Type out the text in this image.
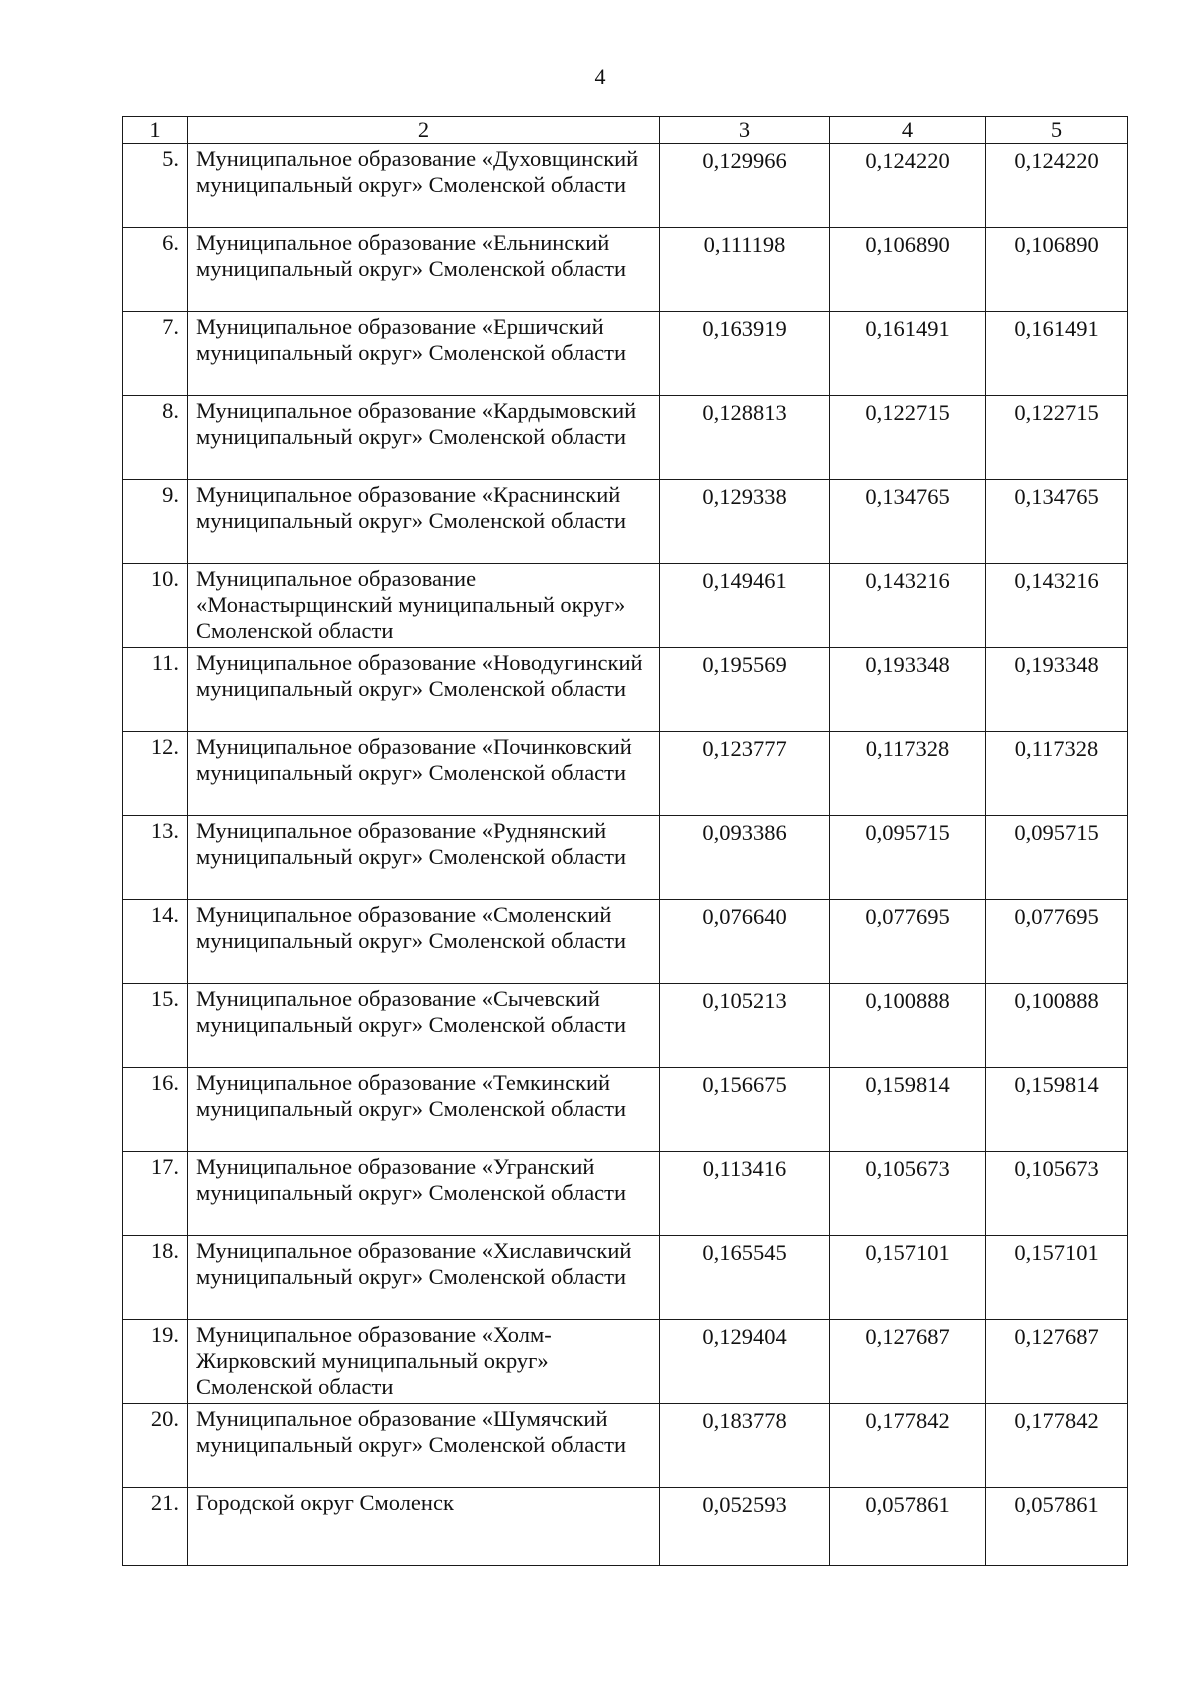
4
1	2	3	4	5
5.	Муниципальное образование «Духовщинский муниципальный округ» Смоленской области	0,129966	0,124220	0,124220
6.	Муниципальное образование «Ельнинский муниципальный округ» Смоленской области	0,111198	0,106890	0,106890
7.	Муниципальное образование «Ершичский муниципальный округ» Смоленской области	0,163919	0,161491	0,161491
8.	Муниципальное образование «Кардымовский муниципальный округ» Смоленской области	0,128813	0,122715	0,122715
9.	Муниципальное образование «Краснинский муниципальный округ» Смоленской области	0,129338	0,134765	0,134765
10.	Муниципальное образование «Монастырщинский муниципальный округ» Смоленской области	0,149461	0,143216	0,143216
11.	Муниципальное образование «Новодугинский муниципальный округ» Смоленской области	0,195569	0,193348	0,193348
12.	Муниципальное образование «Починковский муниципальный округ» Смоленской области	0,123777	0,117328	0,117328
13.	Муниципальное образование «Руднянский муниципальный округ» Смоленской области	0,093386	0,095715	0,095715
14.	Муниципальное образование «Смоленский муниципальный округ» Смоленской области	0,076640	0,077695	0,077695
15.	Муниципальное образование «Сычевский муниципальный округ» Смоленской области	0,105213	0,100888	0,100888
16.	Муниципальное образование «Темкинский муниципальный округ» Смоленской области	0,156675	0,159814	0,159814
17.	Муниципальное образование «Угранский муниципальный округ» Смоленской области	0,113416	0,105673	0,105673
18.	Муниципальное образование «Хиславичский муниципальный округ» Смоленской области	0,165545	0,157101	0,157101
19.	Муниципальное образование «Холм-Жирковский муниципальный округ» Смоленской области	0,129404	0,127687	0,127687
20.	Муниципальное образование «Шумячский муниципальный округ» Смоленской области	0,183778	0,177842	0,177842
21.	Городской округ Смоленск	0,052593	0,057861	0,057861
